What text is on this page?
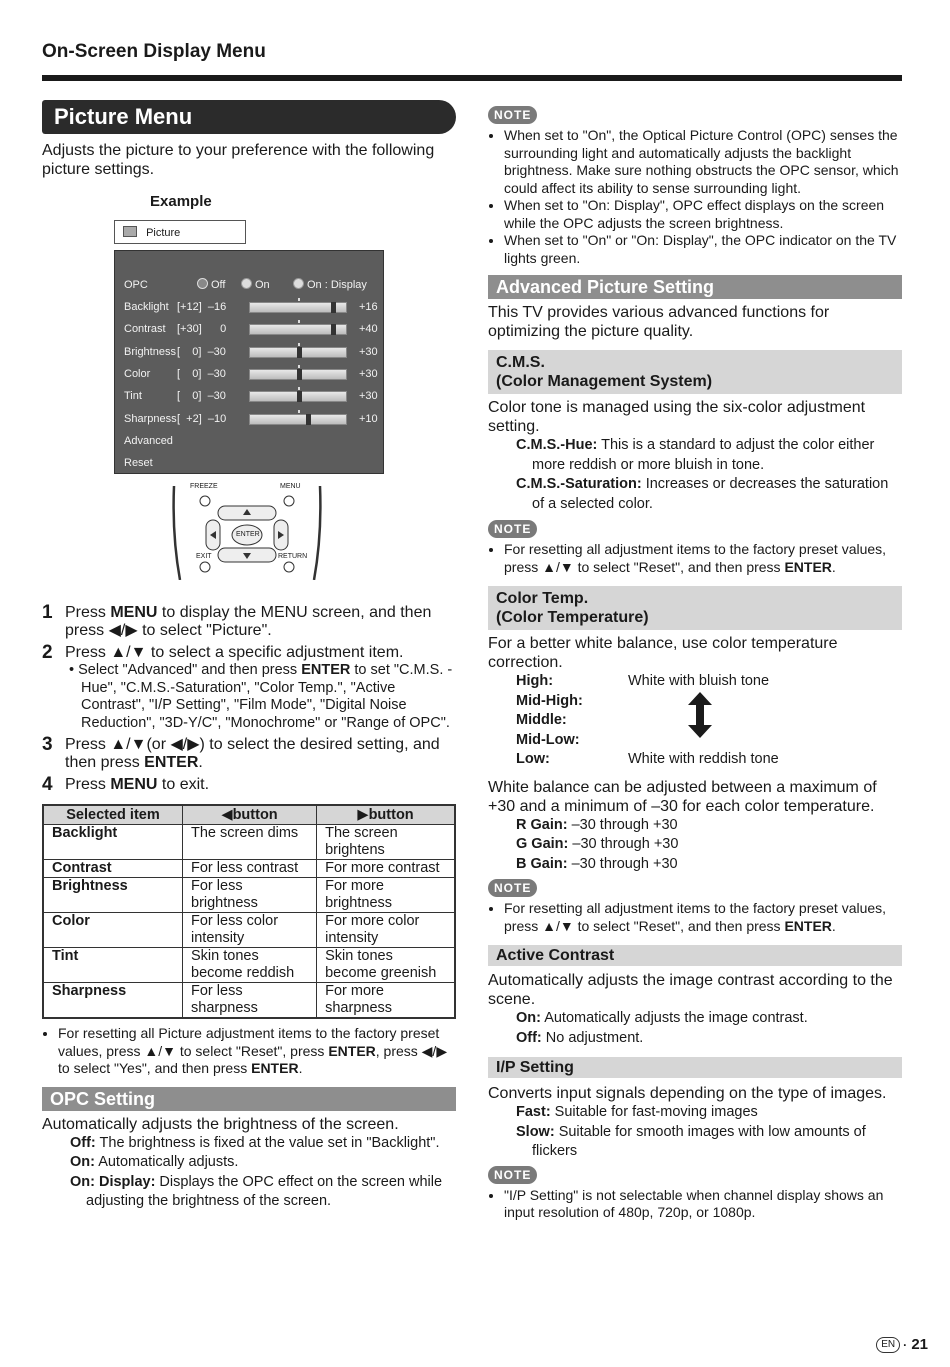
On-Screen Display Menu
Picture Menu

Adjusts the picture to your preference with the following picture settings.

Example
Picture
OPC	Off	On	On : Display
Backlight [+12]  –16	+16
Contrast [+30]      0	+40
Brightness [    0]  –30	+30
Color [    0]  –30	+30
Tint	[    0]  –30	+30
Sharpness [  +2]  –10	+10
Advanced
Reset
FREEZE	MENU
ENTER
EXIT	RETURN
1 Press MENU to display the MENU screen, and then press ◀/▶ to select "Picture".
2 Press ▲/▼ to select a specific adjustment item.
• Select "Advanced" and then press ENTER to set "C.M.S. -Hue", "C.M.S.-Saturation", "Color Temp.", "Active Contrast", "I/P Setting", "Film Mode", "Digital Noise Reduction", "3D-Y/C", "Monochrome" or "Range of OPC".
3 Press ▲/▼(or ◀/▶) to select the desired setting, and then press ENTER.
4 Press MENU to exit.
Selected item	◀button	▶button
Backlight	The screen dims	The screen brightens
Contrast	For less contrast	For more contrast
Brightness	For less brightness	For more brightness
Color	For less color intensity	For more color intensity
Tint	Skin tones become reddish	Skin tones become greenish
Sharpness	For less sharpness	For more sharpness
• For resetting all Picture adjustment items to the factory preset values, press ▲/▼ to select "Reset", press ENTER, press ◀/▶ to select "Yes", and then press ENTER.
OPC Setting

Automatically adjusts the brightness of the screen.

Off: The brightness is fixed at the value set in "Backlight".
On: Automatically adjusts.
On: Display: Displays the OPC effect on the screen while adjusting the brightness of the screen.
NOTE
• When set to "On", the Optical Picture Control (OPC) senses the surrounding light and automatically adjusts the backlight brightness. Make sure nothing obstructs the OPC sensor, which could affect its ability to sense surrounding light.
• When set to "On: Display", OPC effect displays on the screen while the OPC adjusts the screen brightness.
• When set to "On" or "On: Display", the OPC indicator on the TV lights green.
Advanced Picture Setting

This TV provides various advanced functions for optimizing the picture quality.

C.M.S.
(Color Management System)

Color tone is managed using the six-color adjustment setting.

C.M.S.-Hue: This is a standard to adjust the color either more reddish or more bluish in tone.
C.M.S.-Saturation: Increases or decreases the saturation of a selected color.
NOTE
• For resetting all adjustment items to the factory preset values, press ▲/▼ to select "Reset", and then press ENTER.
Color Temp.
(Color Temperature)

For a better white balance, use color temperature correction.

High:	White with bluish tone
Mid-High:
Middle:
Mid-Low:
Low:	White with reddish tone

White balance can be adjusted between a maximum of +30 and a minimum of –30 for each color temperature.

R Gain: –30 through +30
G Gain: –30 through +30
B Gain: –30 through +30
NOTE
• For resetting all adjustment items to the factory preset values, press ▲/▼ to select "Reset", and then press ENTER.
Active Contrast

Automatically adjusts the image contrast according to the scene.

On: Automatically adjusts the image contrast.
Off: No adjustment.
I/P Setting

Converts input signals depending on the type of images.

Fast: Suitable for fast-moving images
Slow: Suitable for smooth images with low amounts of flickers
NOTE
• "I/P Setting" is not selectable when channel display shows an input resolution of 480p, 720p, or 1080p.
EN · 21
